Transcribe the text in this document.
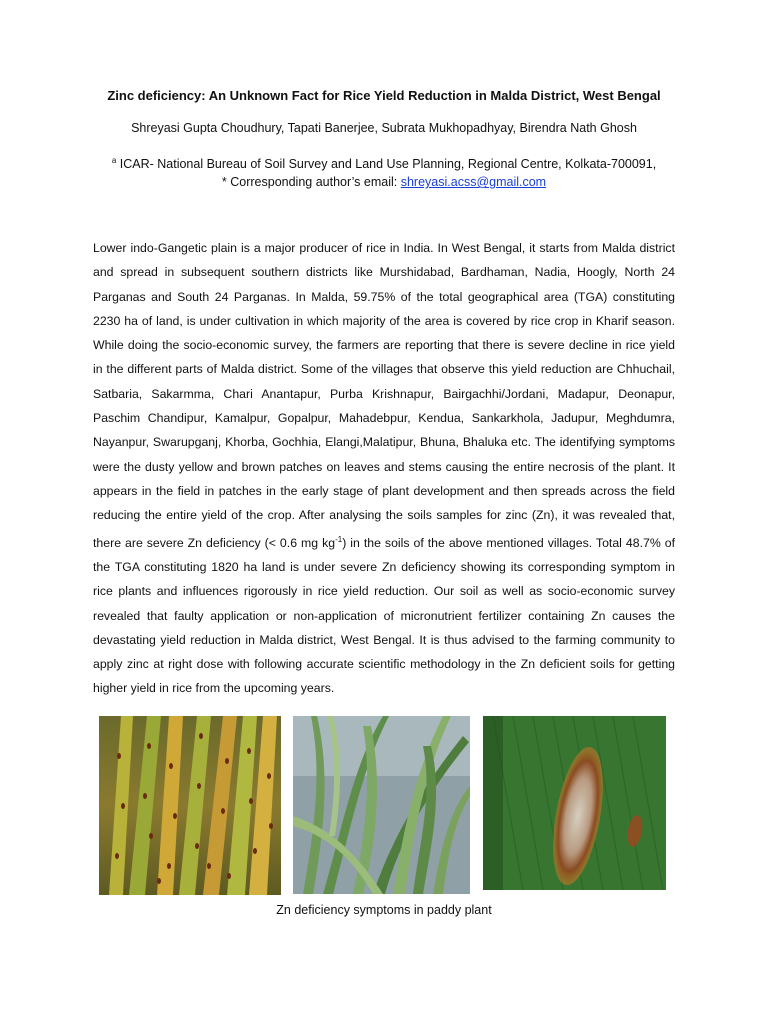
Zinc deficiency: An Unknown Fact for Rice Yield Reduction in Malda District, West Bengal
Shreyasi Gupta Choudhury, Tapati Banerjee, Subrata Mukhopadhyay, Birendra Nath Ghosh
$^a$ ICAR- National Bureau of Soil Survey and Land Use Planning, Regional Centre, Kolkata-700091,
* Corresponding author’s email: shreyasi.acss@gmail.com

Lower indo-Gangetic plain is a major producer of rice in India. In West Bengal, it starts from Malda district and spread in subsequent southern districts like Murshidabad, Bardhaman, Nadia, Hoogly, North 24 Parganas and South 24 Parganas. In Malda, 59.75% of the total geographical area (TGA) constituting 2230 ha of land, is under cultivation in which majority of the area is covered by rice crop in Kharif season. While doing the socio-economic survey, the farmers are reporting that there is severe decline in rice yield in the different parts of Malda district. Some of the villages that observe this yield reduction are Chhuchail, Satbaria, Sakarmma, Chari Anantapur, Purba Krishnapur, Bairgachhi/Jordani, Madapur, Deonapur, Paschim Chandipur, Kamalpur, Gopalpur, Mahadebpur, Kendua, Sankarkhola, Jadupur, Meghdumra, Nayanpur, Swarupganj, Khorba, Gochhia, Elangi,Malatipur, Bhuna, Bhaluka etc. The identifying symptoms were the dusty yellow and brown patches on leaves and stems causing the entire necrosis of the plant. It appears in the field in patches in the early stage of plant development and then spreads across the field reducing the entire yield of the crop. After analysing the soils samples for zinc (Zn), it was revealed that, there are severe Zn deficiency (< 0.6 mg $kg^{-1}$) in the soils of the above mentioned villages. Total 48.7% of the TGA constituting 1820 ha land is under severe Zn deficiency showing its corresponding symptom in rice plants and influences rigorously in rice yield reduction. Our soil as well as socio-economic survey revealed that faulty application or non-application of micronutrient fertilizer containing Zn causes the devastating yield reduction in Malda district, West Bengal. It is thus advised to the farming community to apply zinc at right dose with following accurate scientific methodology in the Zn deficient soils for getting higher yield in rice from the upcoming years.

Zn deficiency symptoms in paddy plant
